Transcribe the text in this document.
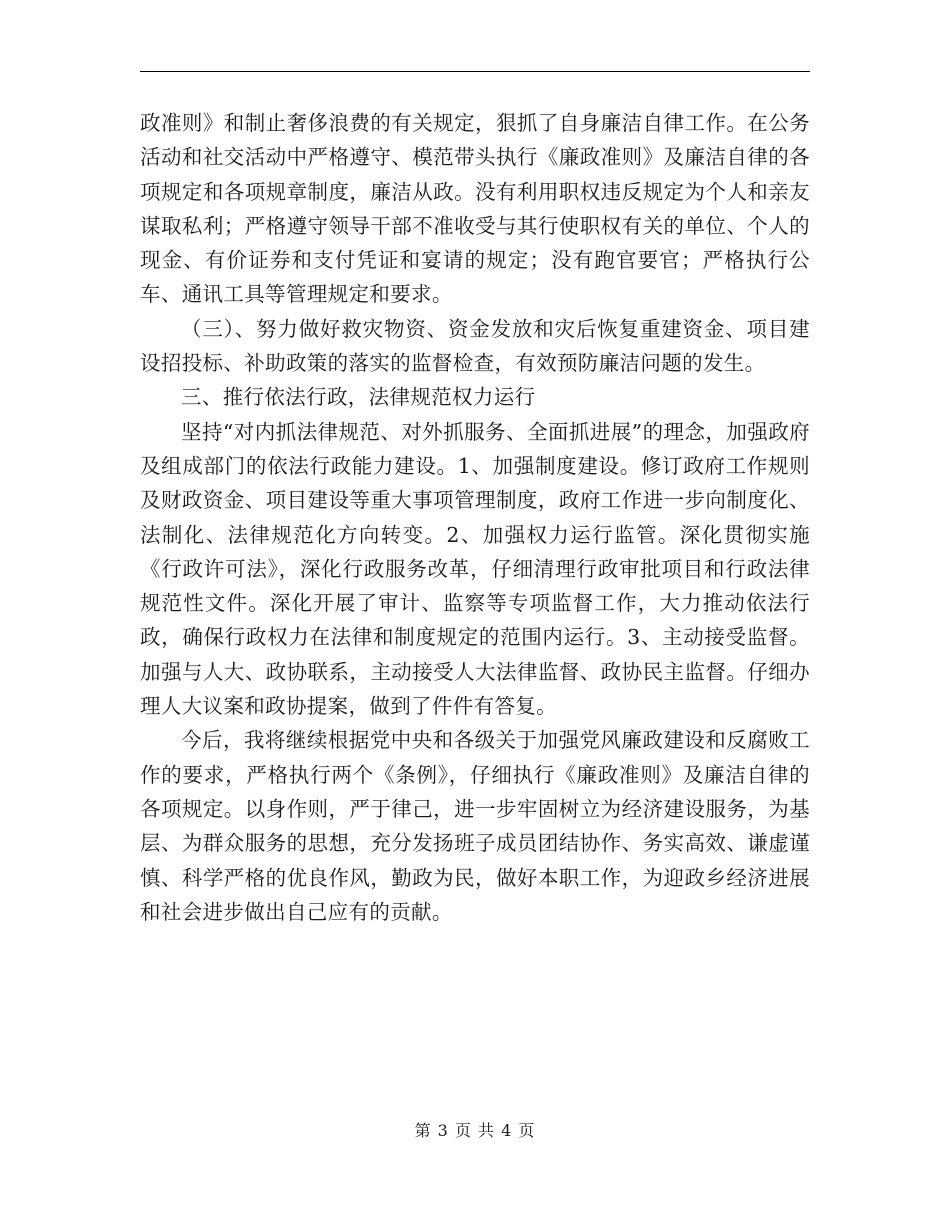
政准则》和制止奢侈浪费的有关规定，狠抓了自身廉洁自律工作。在公务活动和社交活动中严格遵守、模范带头执行《廉政准则》及廉洁自律的各项规定和各项规章制度，廉洁从政。没有利用职权违反规定为个人和亲友谋取私利；严格遵守领导干部不准收受与其行使职权有关的单位、个人的现金、有价证券和支付凭证和宴请的规定；没有跑官要官；严格执行公车、通讯工具等管理规定和要求。

（三）、努力做好救灾物资、资金发放和灾后恢复重建资金、项目建设招投标、补助政策的落实的监督检查，有效预防廉洁问题的发生。

三、推行依法行政，法律规范权力运行

坚持“对内抓法律规范、对外抓服务、全面抓进展”的理念，加强政府及组成部门的依法行政能力建设。1、加强制度建设。修订政府工作规则及财政资金、项目建设等重大事项管理制度，政府工作进一步向制度化、法制化、法律规范化方向转变。2、加强权力运行监管。深化贯彻实施《行政许可法》，深化行政服务改革，仔细清理行政审批项目和行政法律规范性文件。深化开展了审计、监察等专项监督工作，大力推动依法行政，确保行政权力在法律和制度规定的范围内运行。3、主动接受监督。加强与人大、政协联系，主动接受人大法律监督、政协民主监督。仔细办理人大议案和政协提案，做到了件件有答复。

今后，我将继续根据党中央和各级关于加强党风廉政建设和反腐败工作的要求，严格执行两个《条例》，仔细执行《廉政准则》及廉洁自律的各项规定。以身作则，严于律己，进一步牢固树立为经济建设服务，为基层、为群众服务的思想，充分发扬班子成员团结协作、务实高效、谦虚谨慎、科学严格的优良作风，勤政为民，做好本职工作，为迎政乡经济进展和社会进步做出自己应有的贡献。

第 3 页 共 4 页
